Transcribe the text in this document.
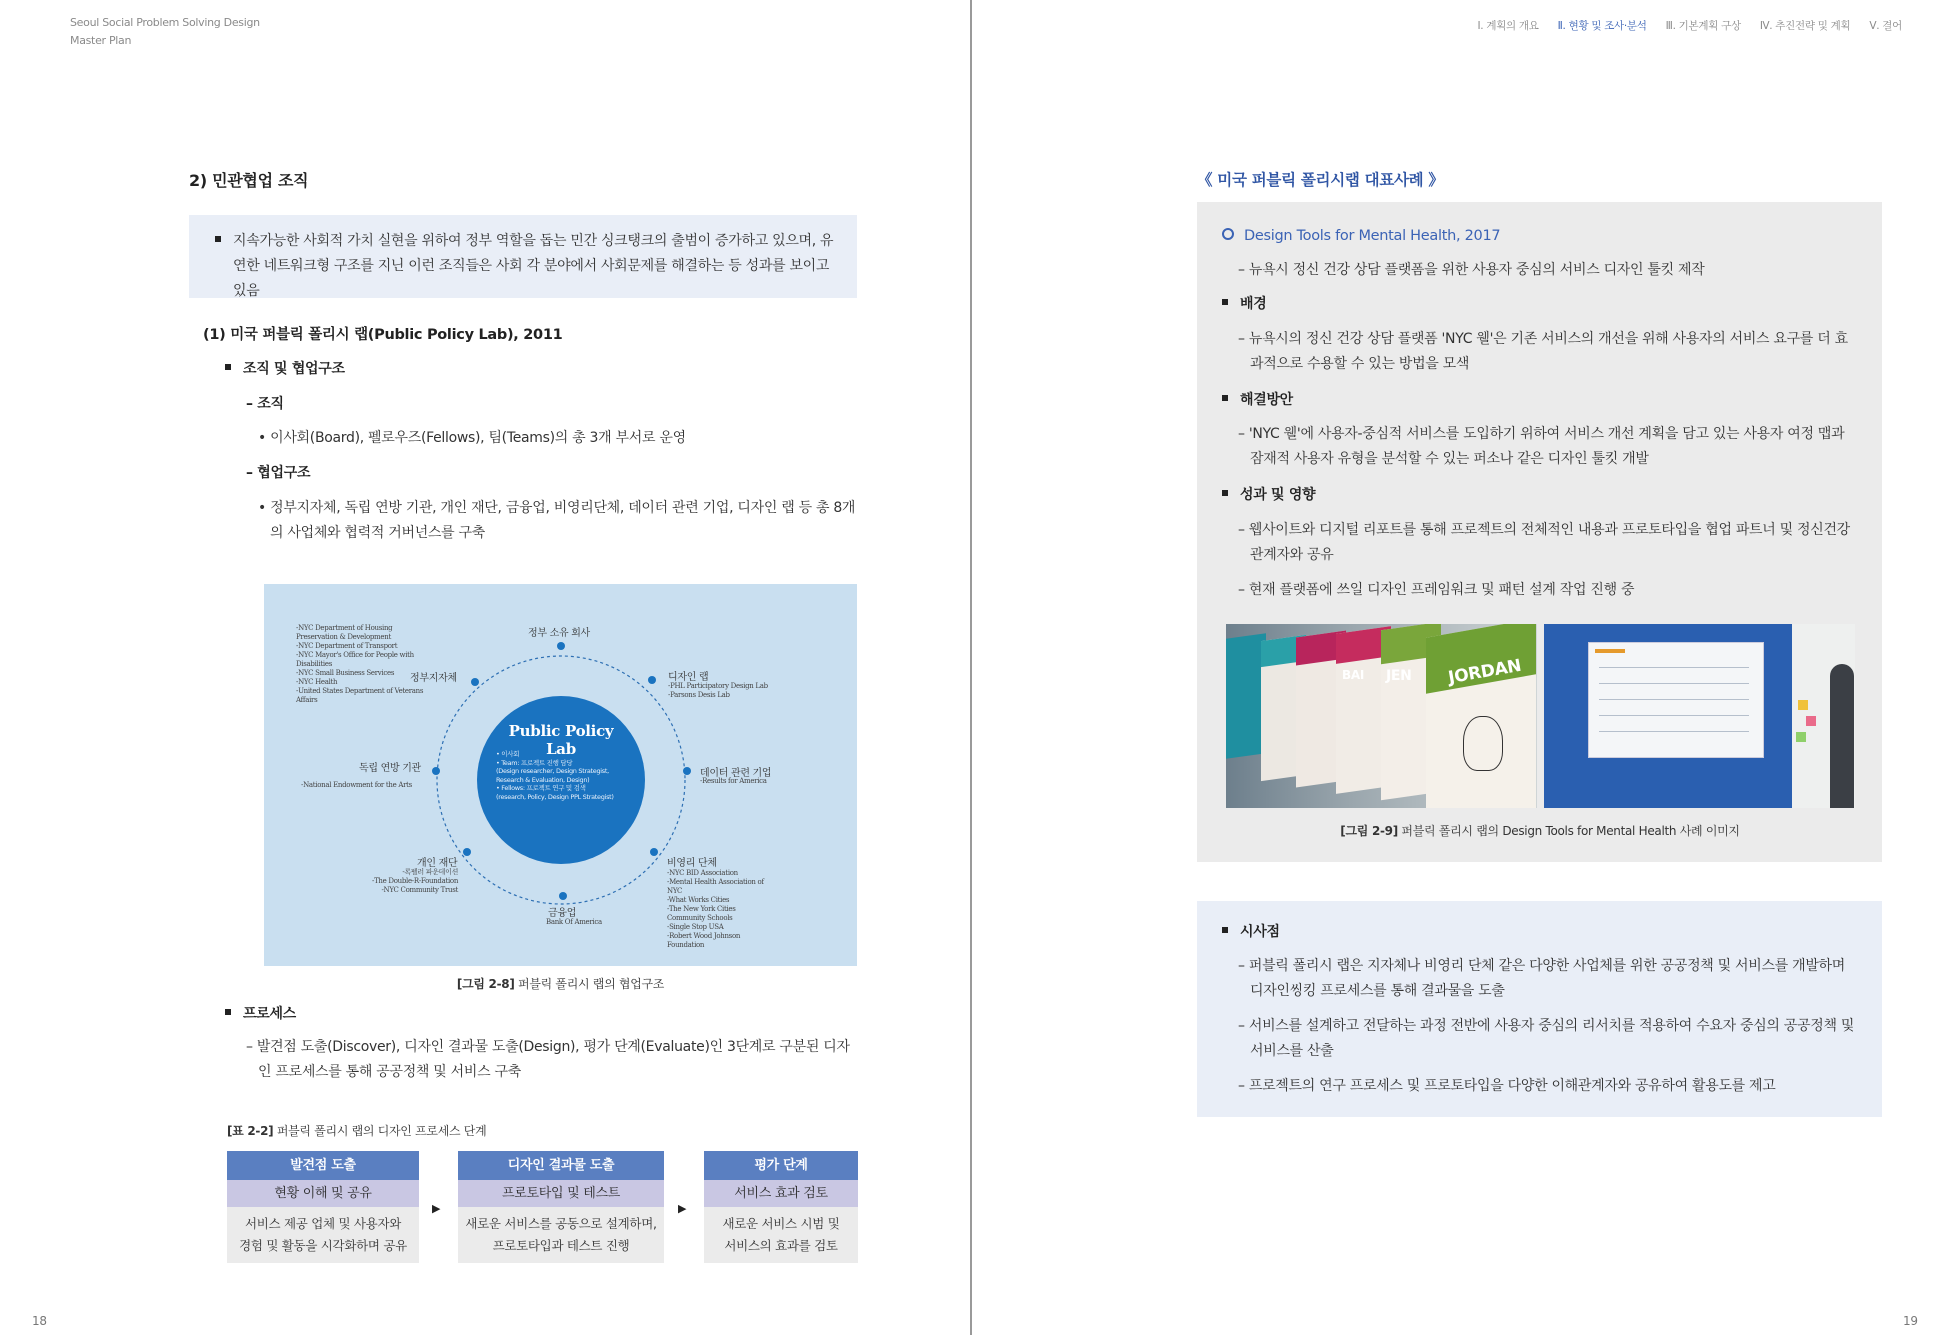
Seoul Social Problem Solving Design
Master Plan
2) 민관협업 조직
지속가능한 사회적 가치 실현을 위하여 정부 역할을 돕는 민간 싱크탱크의 출범이 증가하고 있으며, 유연한 네트워크형 구조를 지닌 이런 조직들은 사회 각 분야에서 사회문제를 해결하는 등 성과를 보이고 있음
(1) 미국 퍼블릭 폴리시 랩(Public Policy Lab), 2011
조직 및 협업구조
– 조직
• 이사회(Board), 펠로우즈(Fellows), 팀(Teams)의 총 3개 부서로 운영
– 협업구조
• 정부지자체, 독립 연방 기관, 개인 재단, 금융업, 비영리단체, 데이터 관련 기업, 디자인 랩 등 총 8개의 사업체와 협력적 거버넌스를 구축
Public Policy Lab
• 이사회
• Team: 프로젝트 진행 담당
(Design researcher, Design Strategist, Research & Evaluation, Design)
• Fellows: 프로젝트 연구 및 검색
(research, Policy, Design PPL Strategist)
정부 소유 회사
-NYC Department of Housing
Preservation & Development
-NYC Department of Transport
-NYC Mayor's Office for People with
Disabilities
-NYC Small Business Services
-NYC Health
-United States Department of Veterans
Affairs
정부지자체	디자인 랩
-PHL Participatory Design Lab
-Parsons Desis Lab
독립 연방 기관
-National Endowment for the Arts
데이터 관련 기업
-Results for America
개인 재단
-록펠러 파운데이션
-The Double-R-Foundation
-NYC Community Trust
비영리 단체
-NYC BID Association
-Mental Health Association of
NYC
-What Works Cities
-The New York Cities
Community Schools
-Single Stop USA
-Robert Wood Johnson
Foundation
금융업
Bank Of America
[그림 2-8] 퍼블릭 폴리시 랩의 협업구조
프로세스
– 발견점 도출(Discover), 디자인 결과물 도출(Design), 평가 단계(Evaluate)인 3단계로 구분된 디자인 프로세스를 통해 공공정책 및 서비스 구축
[표 2-2] 퍼블릭 폴리시 랩의 디자인 프로세스 단계
발견점 도출
현황 이해 및 공유
서비스 제공 업체 및 사용자와
경험 및 활동을 시각화하며 공유
▶
디자인 결과물 도출
프로토타입 및 테스트
새로운 서비스를 공동으로 설계하며,
프로토타입과 테스트 진행
▶
평가 단계
서비스 효과 검토
새로운 서비스 시범 및
서비스의 효과를 검토
18
Ⅰ. 계획의 개요 Ⅱ. 현황 및 조사·분석 Ⅲ. 기본계획 구상 Ⅳ. 추진전략 및 계획 Ⅴ. 결어
《 미국 퍼블릭 폴리시랩 대표사례 》
Design Tools for Mental Health, 2017
– 뉴욕시 정신 건강 상담 플랫폼을 위한 사용자 중심의 서비스 디자인 툴킷 제작
배경
– 뉴욕시의 정신 건강 상담 플랫폼 'NYC 웰'은 기존 서비스의 개선을 위해 사용자의 서비스 요구를 더 효과적으로 수용할 수 있는 방법을 모색
해결방안
– 'NYC 웰'에 사용자-중심적 서비스를 도입하기 위하여 서비스 개선 계획을 담고 있는 사용자 여정 맵과 잠재적 사용자 유형을 분석할 수 있는 퍼소나 같은 디자인 툴킷 개발
성과 및 영향
– 웹사이트와 디지털 리포트를 통해 프로젝트의 전체적인 내용과 프로토타입을 협업 파트너 및 정신건강 관계자와 공유
– 현재 플랫폼에 쓰일 디자인 프레임워크 및 패턴 설계 작업 진행 중
BAI JEN JORDAN
[그림 2-9] 퍼블릭 폴리시 랩의 Design Tools for Mental Health 사례 이미지
시사점
– 퍼블릭 폴리시 랩은 지자체나 비영리 단체 같은 다양한 사업체를 위한 공공정책 및 서비스를 개발하며 디자인씽킹 프로세스를 통해 결과물을 도출
– 서비스를 설계하고 전달하는 과정 전반에 사용자 중심의 리서치를 적용하여 수요자 중심의 공공정책 및 서비스를 산출
– 프로젝트의 연구 프로세스 및 프로토타입을 다양한 이해관계자와 공유하여 활용도를 제고
19
